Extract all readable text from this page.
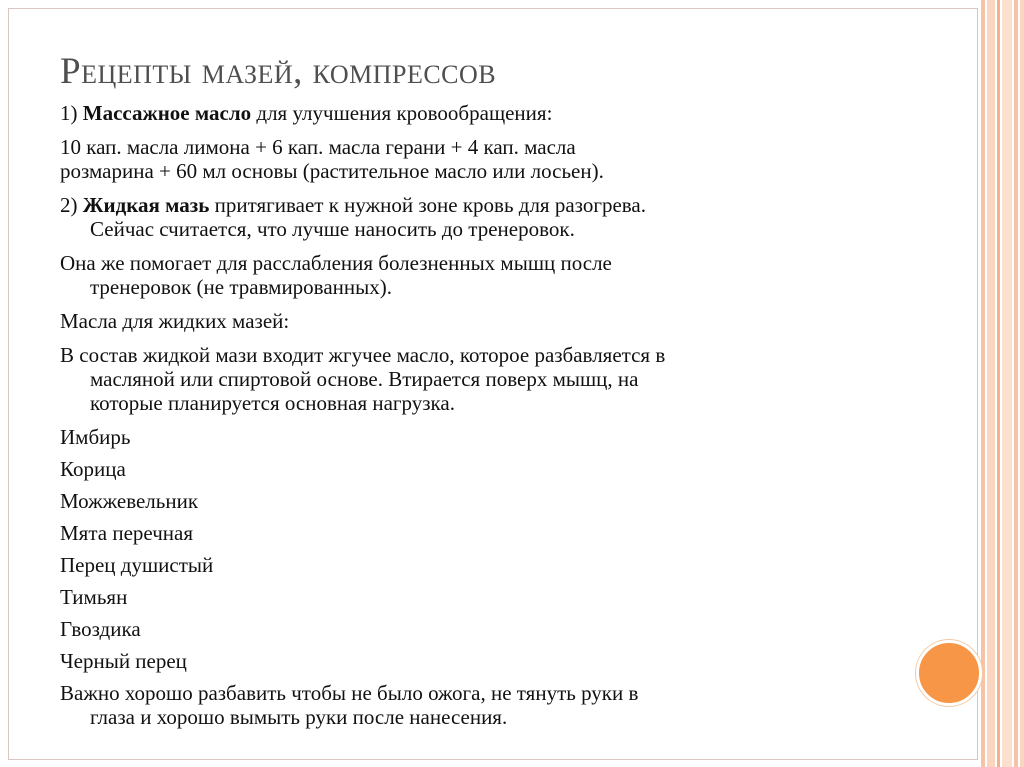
Рецепты мазей, компрессов

1) Массажное масло для улучшения кровообращения:

10 кап. масла лимона + 6 кап. масла герани + 4 кап. масла
розмарина + 60 мл основы (растительное масло или лосьен).

2) Жидкая мазь притягивает к нужной зоне кровь для разогрева.
Сейчас считается, что лучше наносить до тренеровок.

Она же помогает для расслабления болезненных мышц после
тренеровок (не травмированных).

Масла для жидких мазей:

В состав жидкой мази входит жгучее масло, которое разбавляется в
масляной или спиртовой основе. Втирается поверх мышц, на
которые планируется основная нагрузка.

Имбирь

Корица

Можжевельник

Мята перечная

Перец душистый

Тимьян

Гвоздика

Черный перец

Важно хорошо разбавить чтобы не было ожога, не тянуть руки в
глаза и хорошо вымыть руки после нанесения.
